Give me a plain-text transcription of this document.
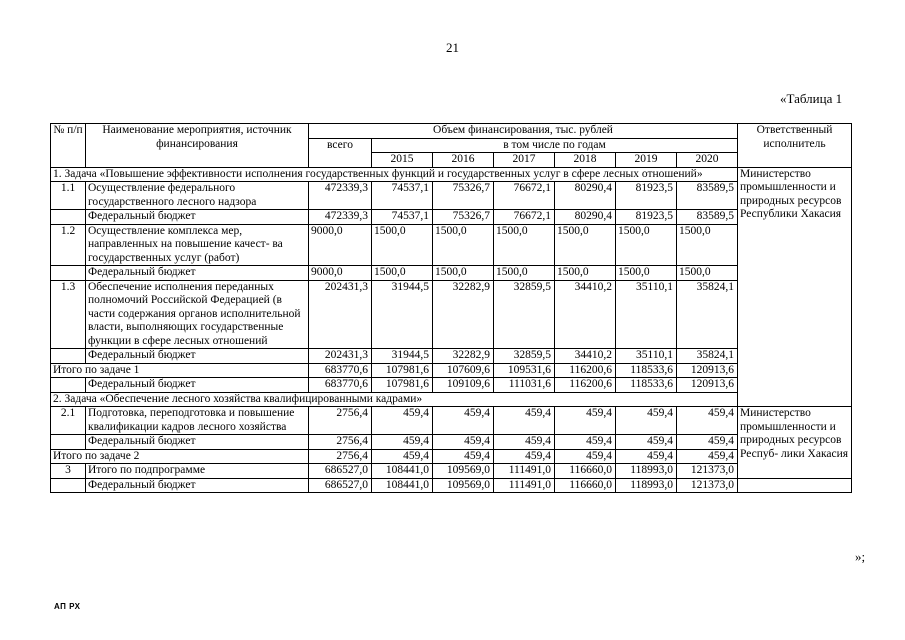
21
«Таблица 1
№ п/п	Наименование мероприятия, источник финансирования	Объем финансирования, тыс. рублей							Ответственный исполнитель	
		всего	в том числе по годам							
			2015	2016	2017	2018	2019	2020		
1. Задача «Повышение эффективности исполнения государственных функций и государственных услуг в сфере лесных отношений»									Министерство промышленности и природных ресурсов Республики Хакасия	
1.1	Осуществление федерального государственного лесного надзора	472339,3	74537,1	75326,7	76672,1	80290,4	81923,5	83589,5		
	Федеральный бюджет	472339,3	74537,1	75326,7	76672,1	80290,4	81923,5	83589,5		
1.2	Осуществление комплекса мер, направленных на повышение качест- ва государственных услуг (работ)	9000,0	1500,0	1500,0	1500,0	1500,0	1500,0	1500,0		
	Федеральный бюджет	9000,0	1500,0	1500,0	1500,0	1500,0	1500,0	1500,0		
1.3	Обеспечение исполнения переданных полномочий Российской Федерацией (в части содержания органов исполнительной власти, выполняющих государственные функции в сфере лесных отношений	202431,3	31944,5	32282,9	32859,5	34410,2	35110,1	35824,1		
	Федеральный бюджет	202431,3	31944,5	32282,9	32859,5	34410,2	35110,1	35824,1		
Итого по задаче 1		683770,6	107981,6	107609,6	109531,6	116200,6	118533,6	120913,6		
	Федеральный бюджет	683770,6	107981,6	109109,6	111031,6	116200,6	118533,6	120913,6		
2. Задача «Обеспечение лесного хозяйства квалифицированными кадрами»										
2.1	Подготовка, переподготовка и повышение квалификации кадров лесного хозяйства	2756,4	459,4	459,4	459,4	459,4	459,4	459,4	Министерство промышленности и природных ресурсов Респуб- лики Хакасия	
	Федеральный бюджет	2756,4	459,4	459,4	459,4	459,4	459,4	459,4		
Итого по задаче 2		2756,4	459,4	459,4	459,4	459,4	459,4	459,4		
3	Итого по подпрограмме	686527,0	108441,0	109569,0	111491,0	116660,0	118993,0	121373,0		
	Федеральный бюджет	686527,0	108441,0	109569,0	111491,0	116660,0	118993,0	121373,0		
»;
АП РХ
